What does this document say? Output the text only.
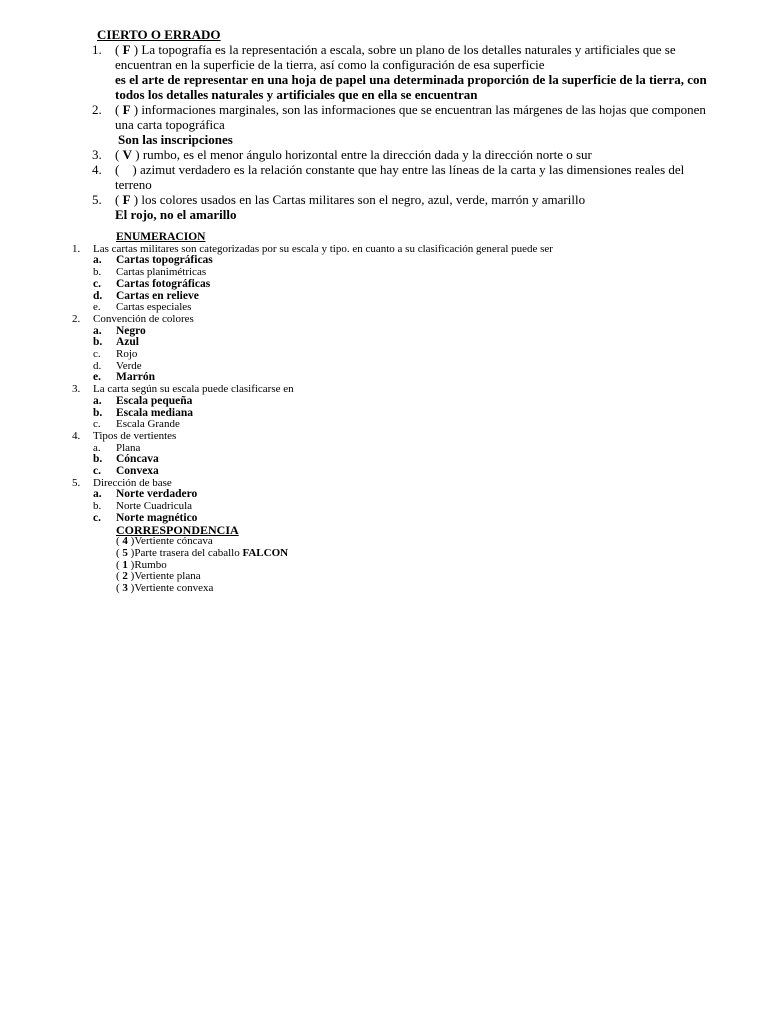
CIERTO O ERRADO
1. ( F ) La topografía es la representación a escala, sobre un plano de los detalles naturales y artificiales que se encuentran en la superficie de la tierra, así como la configuración de esa superficie
es el arte de representar en una hoja de papel una determinada proporción de la superficie de la tierra, con todos los detalles naturales y artificiales que en ella se encuentran
2. ( F ) informaciones marginales, son las informaciones que se encuentran las márgenes de las hojas que componen una carta topográfica
Son las inscripciones
3. ( V ) rumbo, es el menor ángulo horizontal entre la dirección dada y la dirección norte o sur
4. (    ) azimut verdadero es la relación constante que hay entre las líneas de la carta y las dimensiones reales del terreno
5. ( F ) los colores usados en las Cartas militares son el negro, azul, verde, marrón y amarillo
El rojo, no el amarillo
ENUMERACION
1. Las cartas militares son categorizadas por su escala y tipo. en cuanto a su clasificación general puede ser
a. Cartas topográficas
b. Cartas planimétricas
c. Cartas fotográficas
d. Cartas en relieve
e. Cartas especiales
2. Convención de colores
a. Negro
b. Azul
c. Rojo
d. Verde
e. Marrón
3. La carta según su escala puede clasificarse en
a. Escala pequeña
b. Escala mediana
c. Escala Grande
4. Tipos de vertientes
a. Plana
b. Cóncava
c. Convexa
5. Dirección de base
a. Norte verdadero
b. Norte Cuadricula
c. Norte magnético
CORRESPONDENCIA
( 4 )Vertiente cóncava
( 5 )Parte trasera del caballo FALCON
( 1 )Rumbo
( 2 )Vertiente plana
( 3 )Vertiente convexa
